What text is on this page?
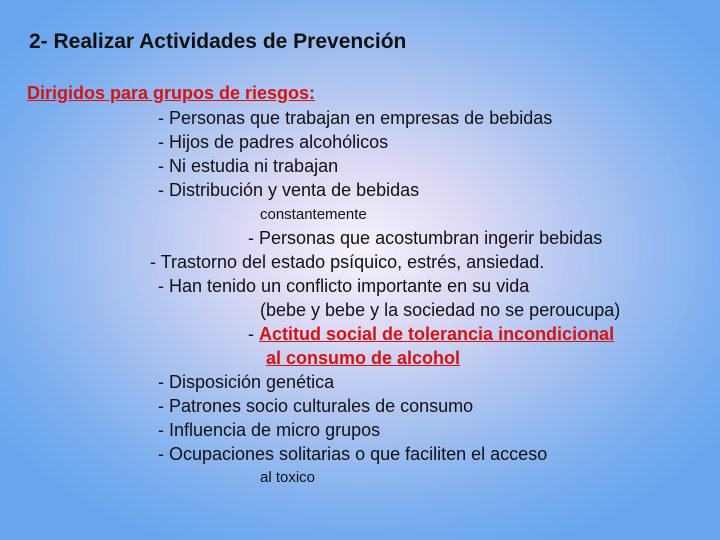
2- Realizar Actividades de Prevención
Dirigidos para grupos de riesgos:
- Personas que trabajan en empresas de bebidas
- Hijos de padres alcohólicos
- Ni estudia ni trabajan
- Distribución y venta de bebidas
constantemente
- Personas que acostumbran ingerir bebidas
- Trastorno del estado psíquico, estrés, ansiedad.
- Han tenido un conflicto importante en su vida
(bebe y bebe y la sociedad no se peroucupa)
- Actitud social de tolerancia incondicional
al consumo de alcohol
- Disposición genética
- Patrones socio culturales de consumo
- Influencia de micro grupos
- Ocupaciones solitarias o que faciliten el acceso
al toxico
